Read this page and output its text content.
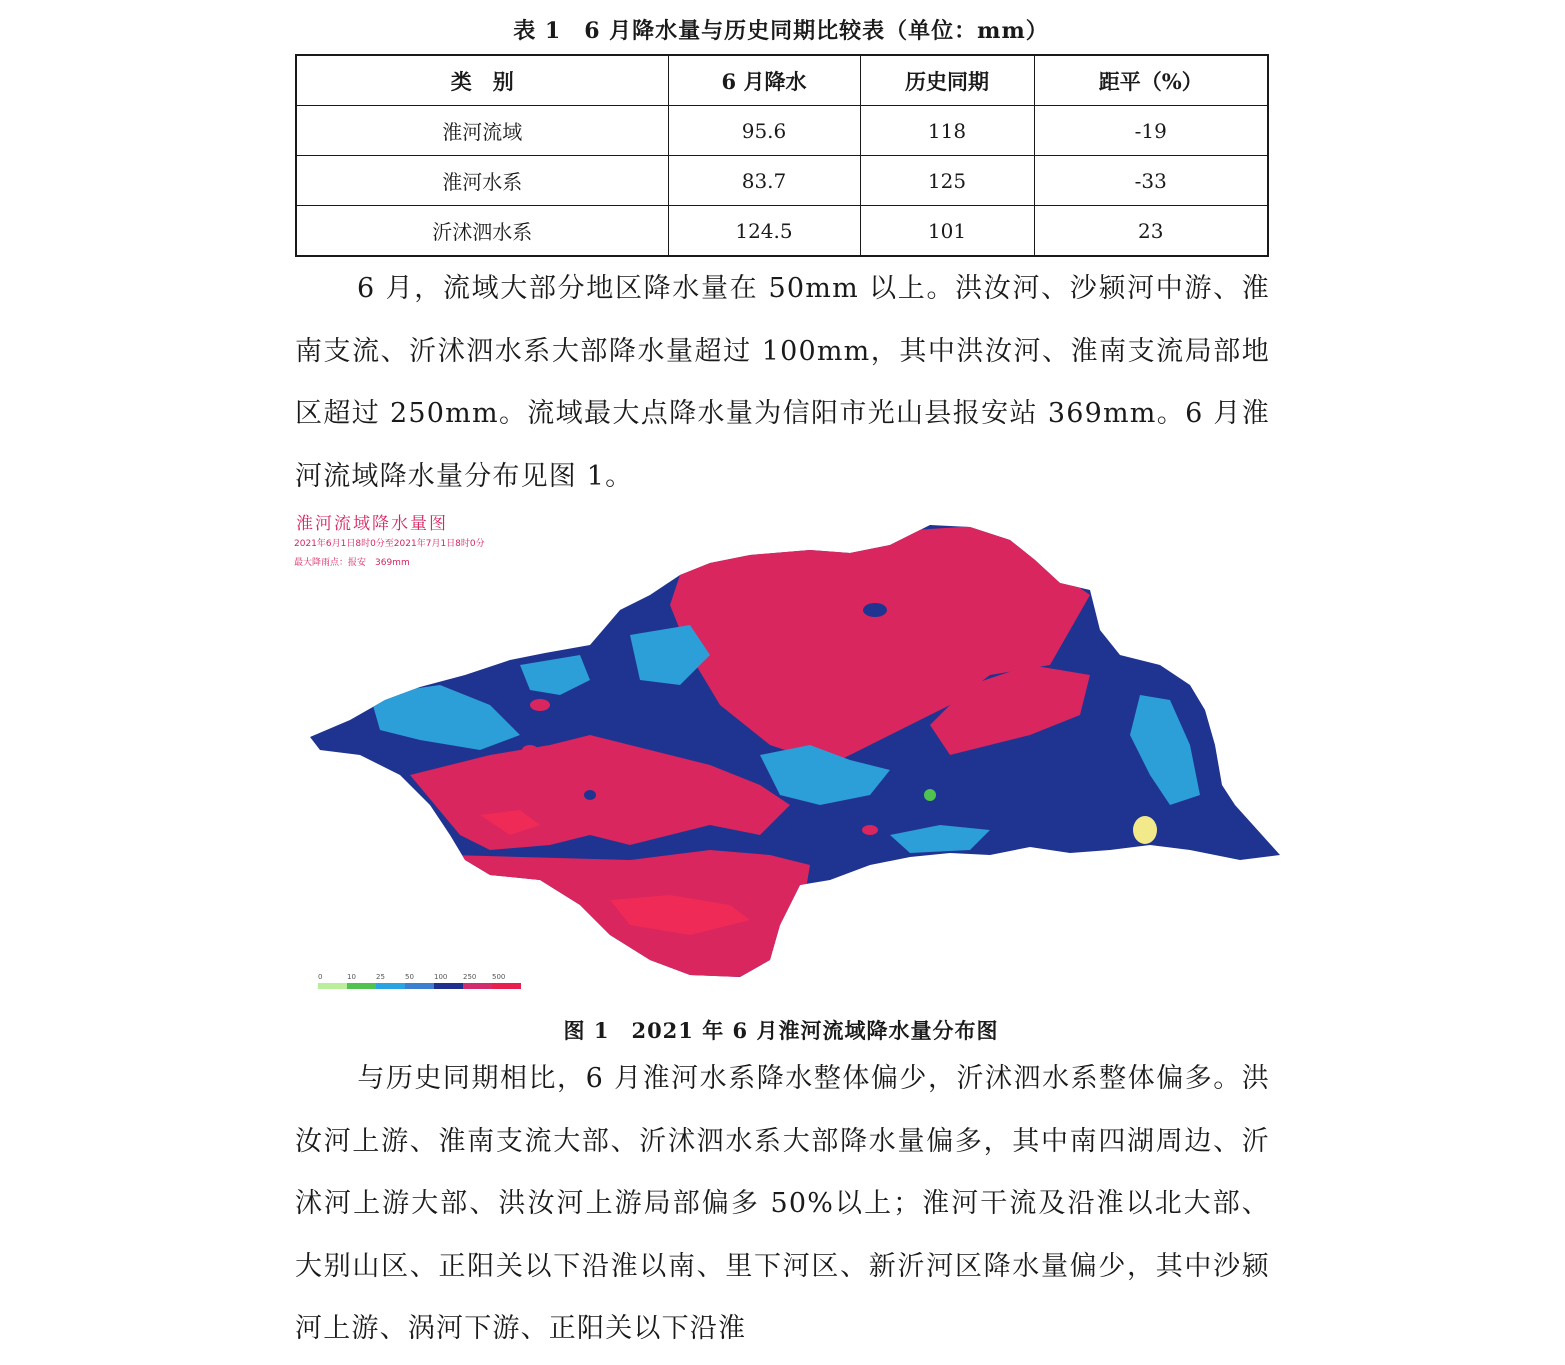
表 1　6 月降水量与历史同期比较表（单位：mm）
类　别	6 月降水	历史同期	距平（%）
淮河流域	95.6	118	-19
淮河水系	83.7	125	-33
沂沭泗水系	124.5	101	23

6 月，流域大部分地区降水量在 50mm 以上。洪汝河、沙颍河中游、淮南支流、沂沭泗水系大部降水量超过 100mm，其中洪汝河、淮南支流局部地区超过 250mm。流域最大点降水量为信阳市光山县报安站 369mm。6 月淮河流域降水量分布见图 1。

淮河流域降水量图
2021年6月1日8时0分至2021年7月1日8时0分
最大降雨点：报安　369mm
0	10	25	50	100	250	500
图 1　2021 年 6 月淮河流域降水量分布图

与历史同期相比，6 月淮河水系降水整体偏少，沂沭泗水系整体偏多。洪汝河上游、淮南支流大部、沂沭泗水系大部降水量偏多，其中南四湖周边、沂沭河上游大部、洪汝河上游局部偏多 50%以上；淮河干流及沿淮以北大部、大别山区、正阳关以下沿淮以南、里下河区、新沂河区降水量偏少，其中沙颍河上游、涡河下游、正阳关以下沿淮
